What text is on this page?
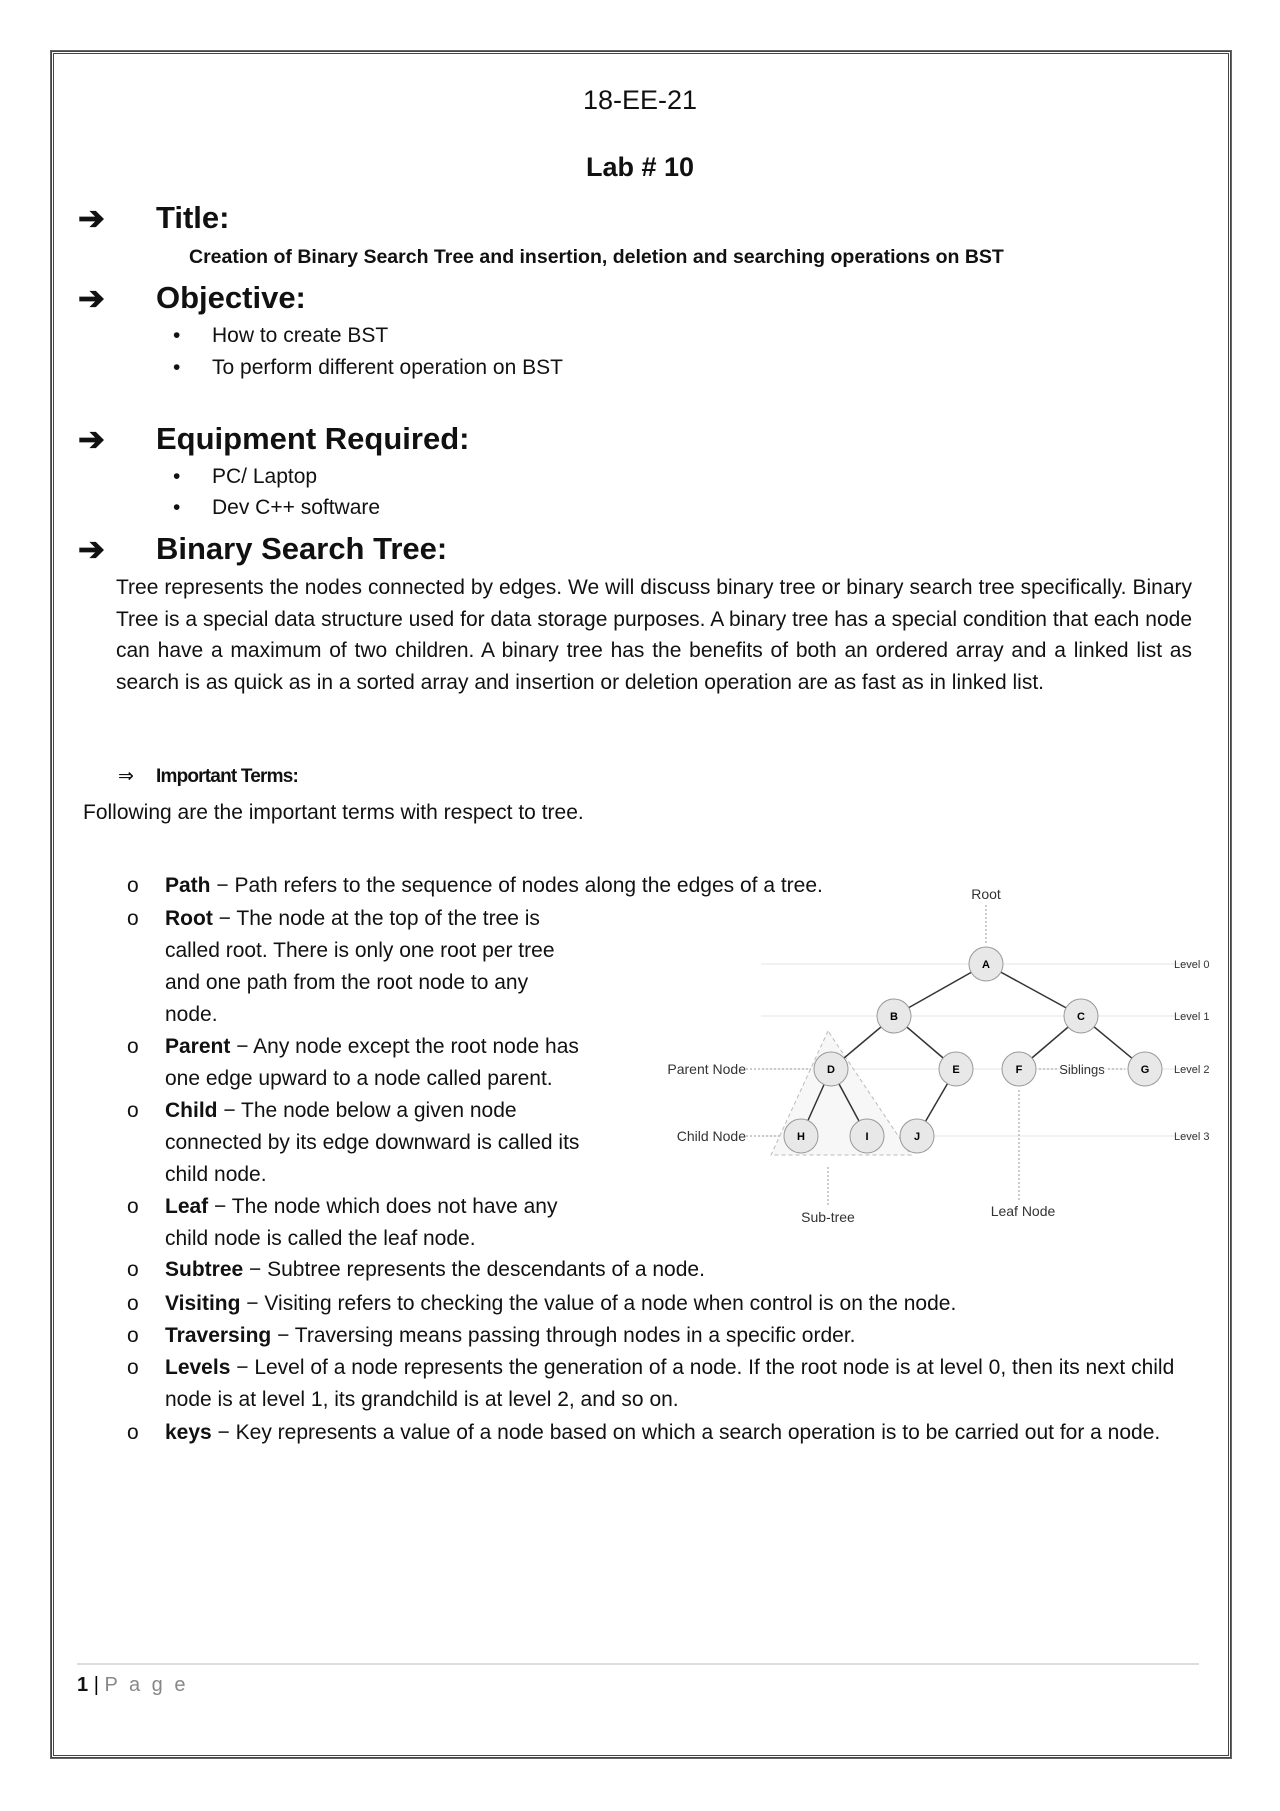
18-EE-21
Lab # 10
➔ Title:
Creation of Binary Search Tree and insertion, deletion and searching operations on BST
➔ Objective:
• How to create BST
• To perform different operation on BST
➔ Equipment Required:
• PC/ Laptop
• Dev C++ software
➔ Binary Search Tree:
Tree represents the nodes connected by edges. We will discuss binary tree or binary search tree specifically. Binary Tree is a special data structure used for data storage purposes. A binary tree has a special condition that each node can have a maximum of two children. A binary tree has the benefits of both an ordered array and a linked list as search is as quick as in a sorted array and insertion or deletion operation are as fast as in linked list.
⇒ Important Terms:
Following are the important terms with respect to tree.
o Path − Path refers to the sequence of nodes along the edges of a tree.
o Root − The node at the top of the tree is called root. There is only one root per tree and one path from the root node to any node.
o Parent − Any node except the root node has one edge upward to a node called parent.
o Child − The node below a given node connected by its edge downward is called its child node.
o Leaf − The node which does not have any child node is called the leaf node.
o Subtree − Subtree represents the descendants of a node.
o Visiting − Visiting refers to checking the value of a node when control is on the node.
o Traversing − Traversing means passing through nodes in a specific order.
o Levels − Level of a node represents the generation of a node. If the root node is at level 0, then its next child node is at level 1, its grandchild is at level 2, and so on.
o keys − Key represents a value of a node based on which a search operation is to be carried out for a node.
A
B	C
D	E	F	G
H	I	J
Root
Parent Node
Child Node
Siblings
Sub-tree	Leaf Node
Level 0
Level 1
Level 2
Level 3
1 | P a g e
